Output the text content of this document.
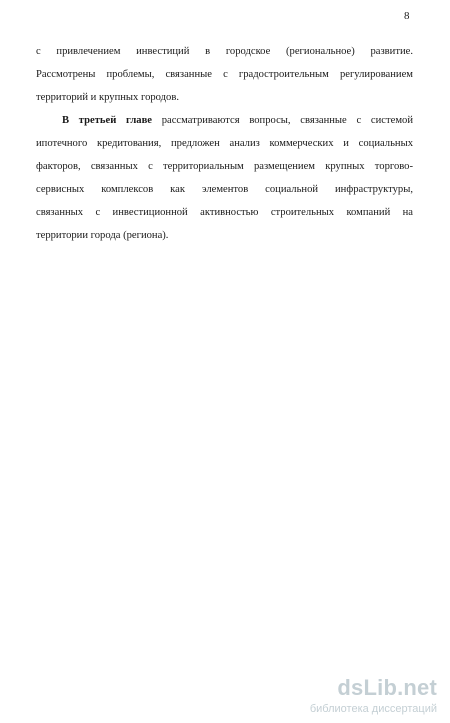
8
с привлечением инвестиций в городское (региональное) развитие.
Рассмотрены проблемы, связанные с градостроительным регулированием
территорий и крупных городов.
В третьей главе рассматриваются вопросы, связанные с системой
ипотечного кредитования, предложен анализ коммерческих и социальных
факторов, связанных с территориальным размещением крупных торгово-
сервисных комплексов как элементов социальной инфраструктуры,
связанных с инвестиционной активностью строительных компаний на
территории города (региона).
dsLib.net
библиотека диссертаций
